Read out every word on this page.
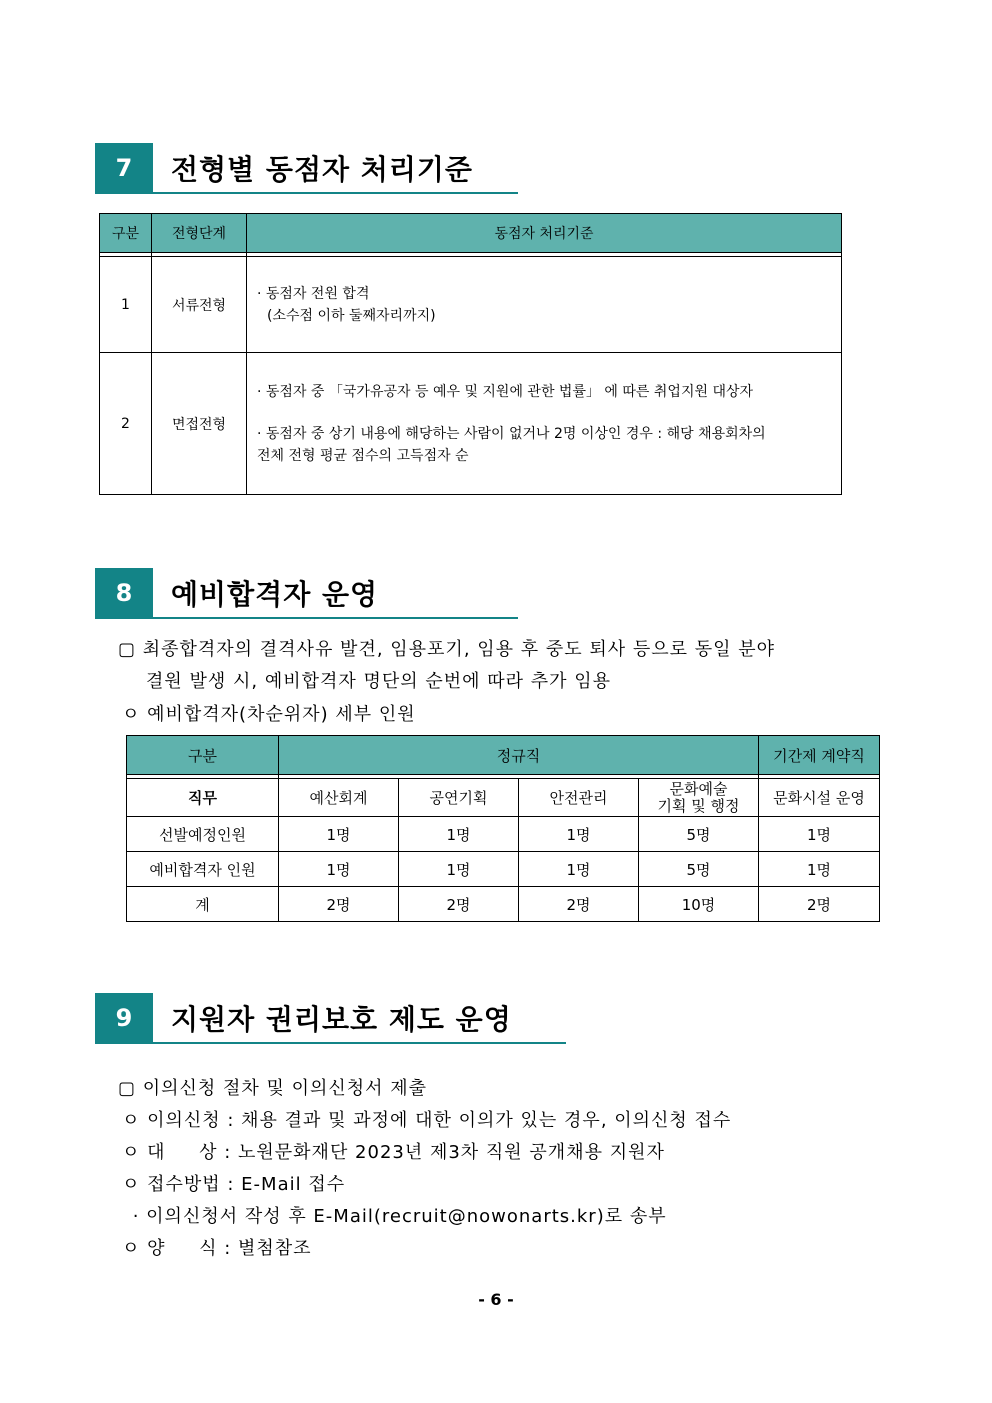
7	전형별 동점자 처리기준
구분	전형단계	동점자 처리기준

1	서류전형	· 동점자 전원 합격
(소수점 이하 둘째자리까지)

2	면접전형	· 동점자 중 「국가유공자 등 예우 및 지원에 관한 법률」 에 따른 취업지원 대상자
· 동점자 중 상기 내용에 해당하는 사람이 없거나 2명 이상인 경우 : 해당 채용회차의
전체 전형 평균 점수의 고득점자 순
8	예비합격자 운영
▢ 최종합격자의 결격사유 발견, 임용포기, 임용 후 중도 퇴사 등으로 동일 분야
결원 발생 시, 예비합격자 명단의 순번에 따라 추가 임용
ㅇ 예비합격자(차순위자) 세부 인원
구분	정규직				기간제 계약직

직무	예산회계	공연기획	안전관리	문화예술
기획 및 행정	문화시설 운영
선발예정인원	1명	1명	1명	5명	1명
예비합격자 인원	1명	1명	1명	5명	1명
계	2명	2명	2명	10명	2명
9	지원자 권리보호 제도 운영
▢ 이의신청 절차 및 이의신청서 제출
ㅇ 이의신청 : 채용 결과 및 과정에 대한 이의가 있는 경우, 이의신청 접수
ㅇ 대     상 : 노원문화재단 2023년 제3차 직원 공개채용 지원자
ㅇ 접수방법 : E-Mail 접수
· 이의신청서 작성 후 E-Mail(recruit@nowonarts.kr)로 송부
ㅇ 양     식 : 별첨참조
- 6 -
